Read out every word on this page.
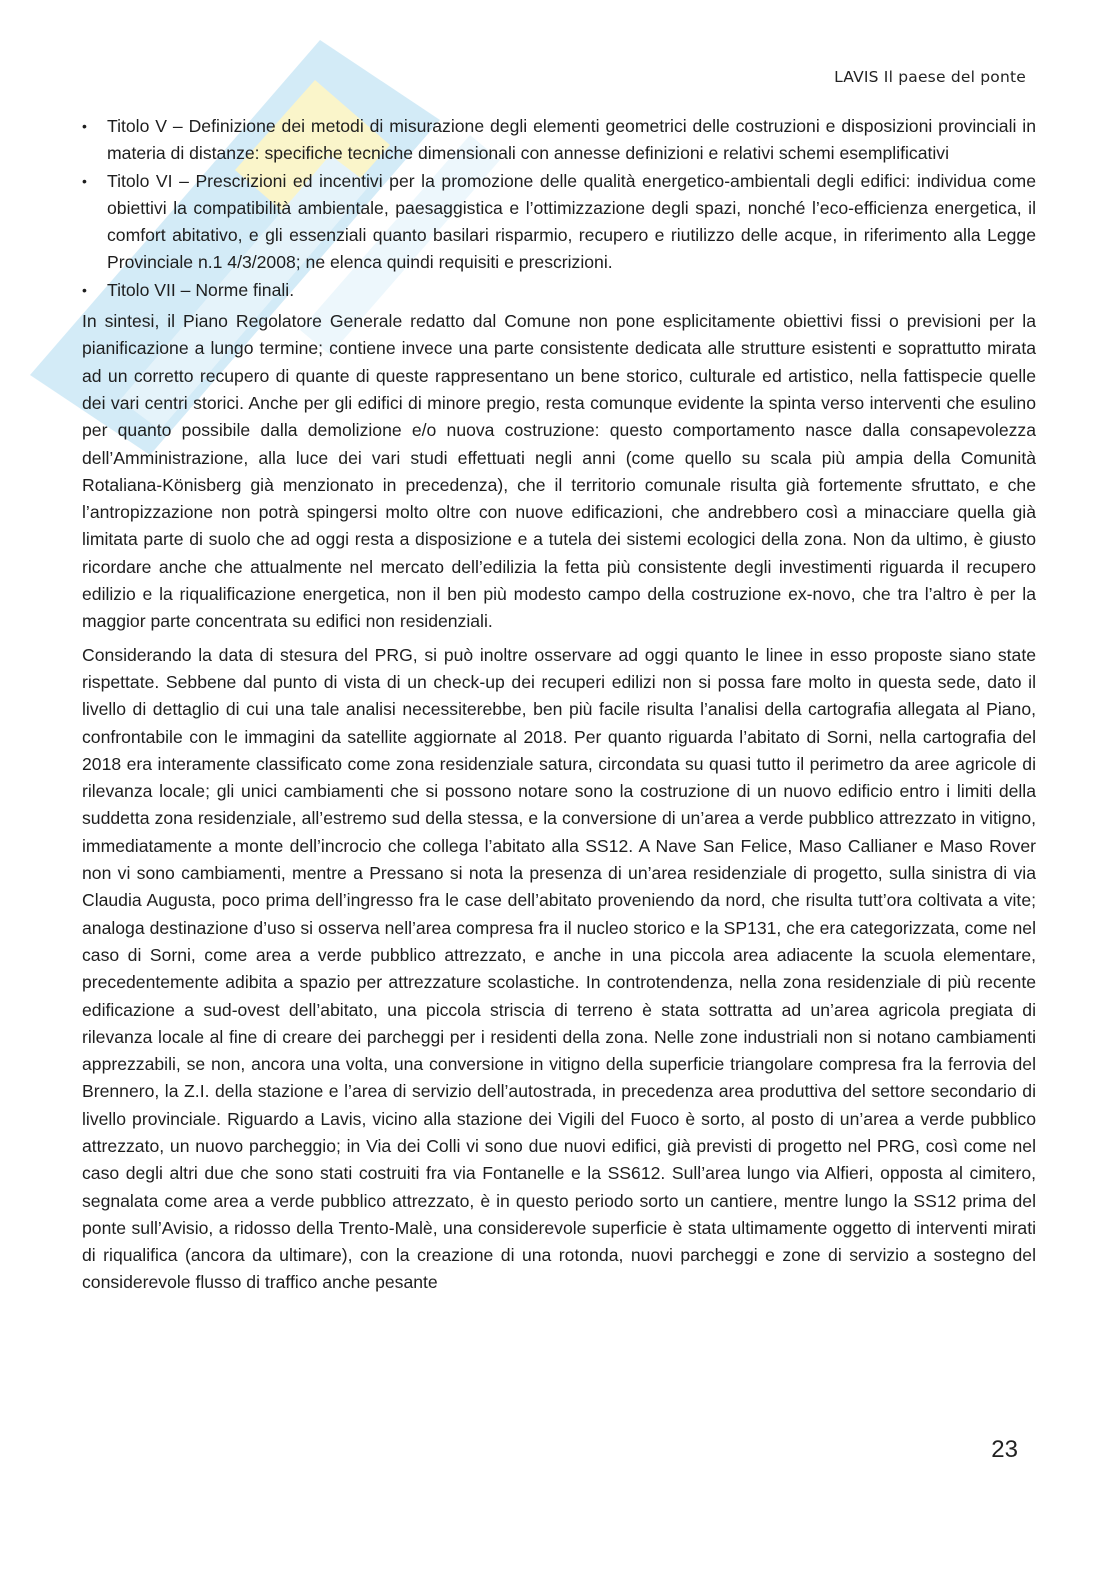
LAVIS Il paese del ponte
• Titolo V – Definizione dei metodi di misurazione degli elementi geometrici delle costruzioni e disposizioni provinciali in materia di distanze: specifiche tecniche dimensionali con annesse definizioni e relativi schemi esemplificativi
• Titolo VI – Prescrizioni ed incentivi per la promozione delle qualità energetico-ambientali degli edifici: individua come obiettivi la compatibilità ambientale, paesaggistica e l’ottimizzazione degli spazi, nonché l’eco-efficienza energetica, il comfort abitativo, e gli essenziali quanto basilari risparmio, recupero e riutilizzo delle acque, in riferimento alla Legge Provinciale n.1 4/3/2008; ne elenca quindi requisiti e prescrizioni.
• Titolo VII – Norme finali.

In sintesi, il Piano Regolatore Generale redatto dal Comune non pone esplicitamente obiettivi fissi o previsioni per la pianificazione a lungo termine; contiene invece una parte consistente dedicata alle strutture esistenti e soprattutto mirata ad un corretto recupero di quante di queste rappresentano un bene storico, culturale ed artistico, nella fattispecie quelle dei vari centri storici. Anche per gli edifici di minore pregio, resta comunque evidente la spinta verso interventi che esulino per quanto possibile dalla demolizione e/o nuova costruzione: questo comportamento nasce dalla consapevolezza dell’Amministrazione, alla luce dei vari studi effettuati negli anni (come quello su scala più ampia della Comunità Rotaliana-Könisberg già menzionato in precedenza), che il territorio comunale risulta già fortemente sfruttato, e che l’antropizzazione non potrà spingersi molto oltre con nuove edificazioni, che andrebbero così a minacciare quella già limitata parte di suolo che ad oggi resta a disposizione e a tutela dei sistemi ecologici della zona. Non da ultimo, è giusto ricordare anche che attualmente nel mercato dell’edilizia la fetta più consistente degli investimenti riguarda il recupero edilizio e la riqualificazione energetica, non il ben più modesto campo della costruzione ex-novo, che tra l’altro è per la maggior parte concentrata su edifici non residenziali.

Considerando la data di stesura del PRG, si può inoltre osservare ad oggi quanto le linee in esso proposte siano state rispettate. Sebbene dal punto di vista di un check-up dei recuperi edilizi non si possa fare molto in questa sede, dato il livello di dettaglio di cui una tale analisi necessiterebbe, ben più facile risulta l’analisi della cartografia allegata al Piano, confrontabile con le immagini da satellite aggiornate al 2018. Per quanto riguarda l’abitato di Sorni, nella cartografia del 2018 era interamente classificato come zona residenziale satura, circondata su quasi tutto il perimetro da aree agricole di rilevanza locale; gli unici cambiamenti che si possono notare sono la costruzione di un nuovo edificio entro i limiti della suddetta zona residenziale, all’estremo sud della stessa, e la conversione di un’area a verde pubblico attrezzato in vitigno, immediatamente a monte dell’incrocio che collega l’abitato alla SS12. A Nave San Felice, Maso Callianer e Maso Rover non vi sono cambiamenti, mentre a Pressano si nota la presenza di un’area residenziale di progetto, sulla sinistra di via Claudia Augusta, poco prima dell’ingresso fra le case dell’abitato proveniendo da nord, che risulta tutt’ora coltivata a vite; analoga destinazione d’uso si osserva nell’area compresa fra il nucleo storico e la SP131, che era categorizzata, come nel caso di Sorni, come area a verde pubblico attrezzato, e anche in una piccola area adiacente la scuola elementare, precedentemente adibita a spazio per attrezzature scolastiche. In controtendenza, nella zona residenziale di più recente edificazione a sud-ovest dell’abitato, una piccola striscia di terreno è stata sottratta ad un’area agricola pregiata di rilevanza locale al fine di creare dei parcheggi per i residenti della zona. Nelle zone industriali non si notano cambiamenti apprezzabili, se non, ancora una volta, una conversione in vitigno della superficie triangolare compresa fra la ferrovia del Brennero, la Z.I. della stazione e l’area di servizio dell’autostrada, in precedenza area produttiva del settore secondario di livello provinciale. Riguardo a Lavis, vicino alla stazione dei Vigili del Fuoco è sorto, al posto di un’area a verde pubblico attrezzato, un nuovo parcheggio; in Via dei Colli vi sono due nuovi edifici, già previsti di progetto nel PRG, così come nel caso degli altri due che sono stati costruiti fra via Fontanelle e la SS612. Sull’area lungo via Alfieri, opposta al cimitero, segnalata come area a verde pubblico attrezzato, è in questo periodo sorto un cantiere, mentre lungo la SS12 prima del ponte sull’Avisio, a ridosso della Trento-Malè, una considerevole superficie è stata ultimamente oggetto di interventi mirati di riqualifica (ancora da ultimare), con la creazione di una rotonda, nuovi parcheggi e zone di servizio a sostegno del considerevole flusso di traffico anche pesante

23
